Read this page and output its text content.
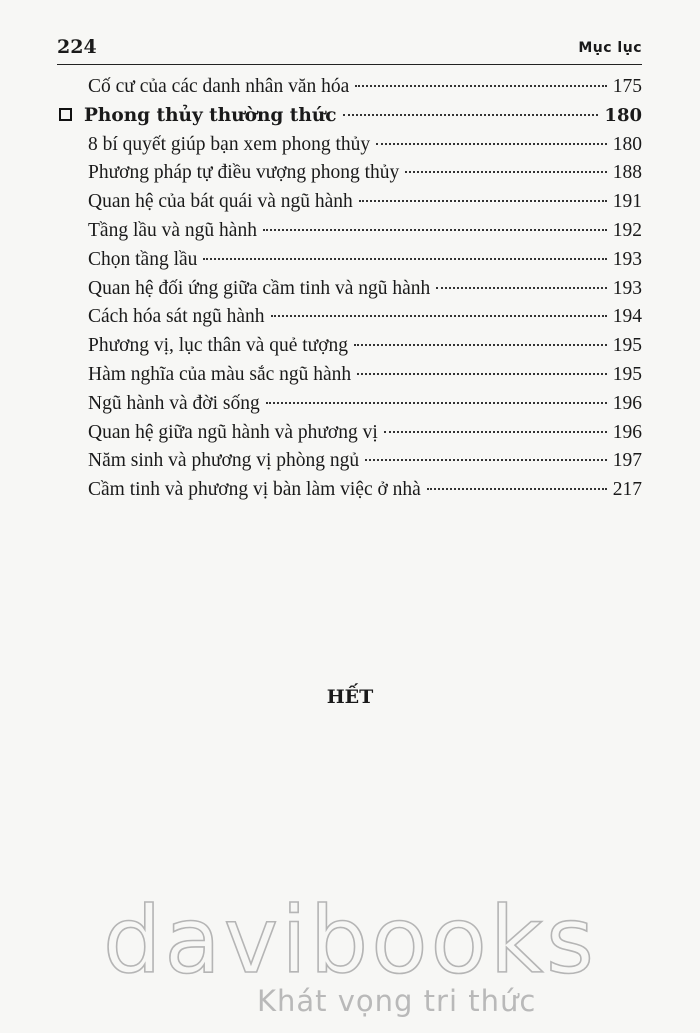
224	Mục lục
Cố cư của các danh nhân văn hóa	175
Phong thủy thường thức	180
8 bí quyết giúp bạn xem phong thủy	180
Phương pháp tự điều vượng phong thủy	188
Quan hệ của bát quái và ngũ hành	191
Tầng lầu và ngũ hành	192
Chọn tầng lầu	193
Quan hệ đối ứng giữa cầm tinh và ngũ hành	193
Cách hóa sát ngũ hành	194
Phương vị, lục thân và quẻ tượng	195
Hàm nghĩa của màu sắc ngũ hành	195
Ngũ hành và đời sống	196
Quan hệ giữa ngũ hành và phương vị	196
Năm sinh và phương vị phòng ngủ	197
Cầm tinh và phương vị bàn làm việc ở nhà	217
HẾT
davibooks
Khát vọng tri thức
